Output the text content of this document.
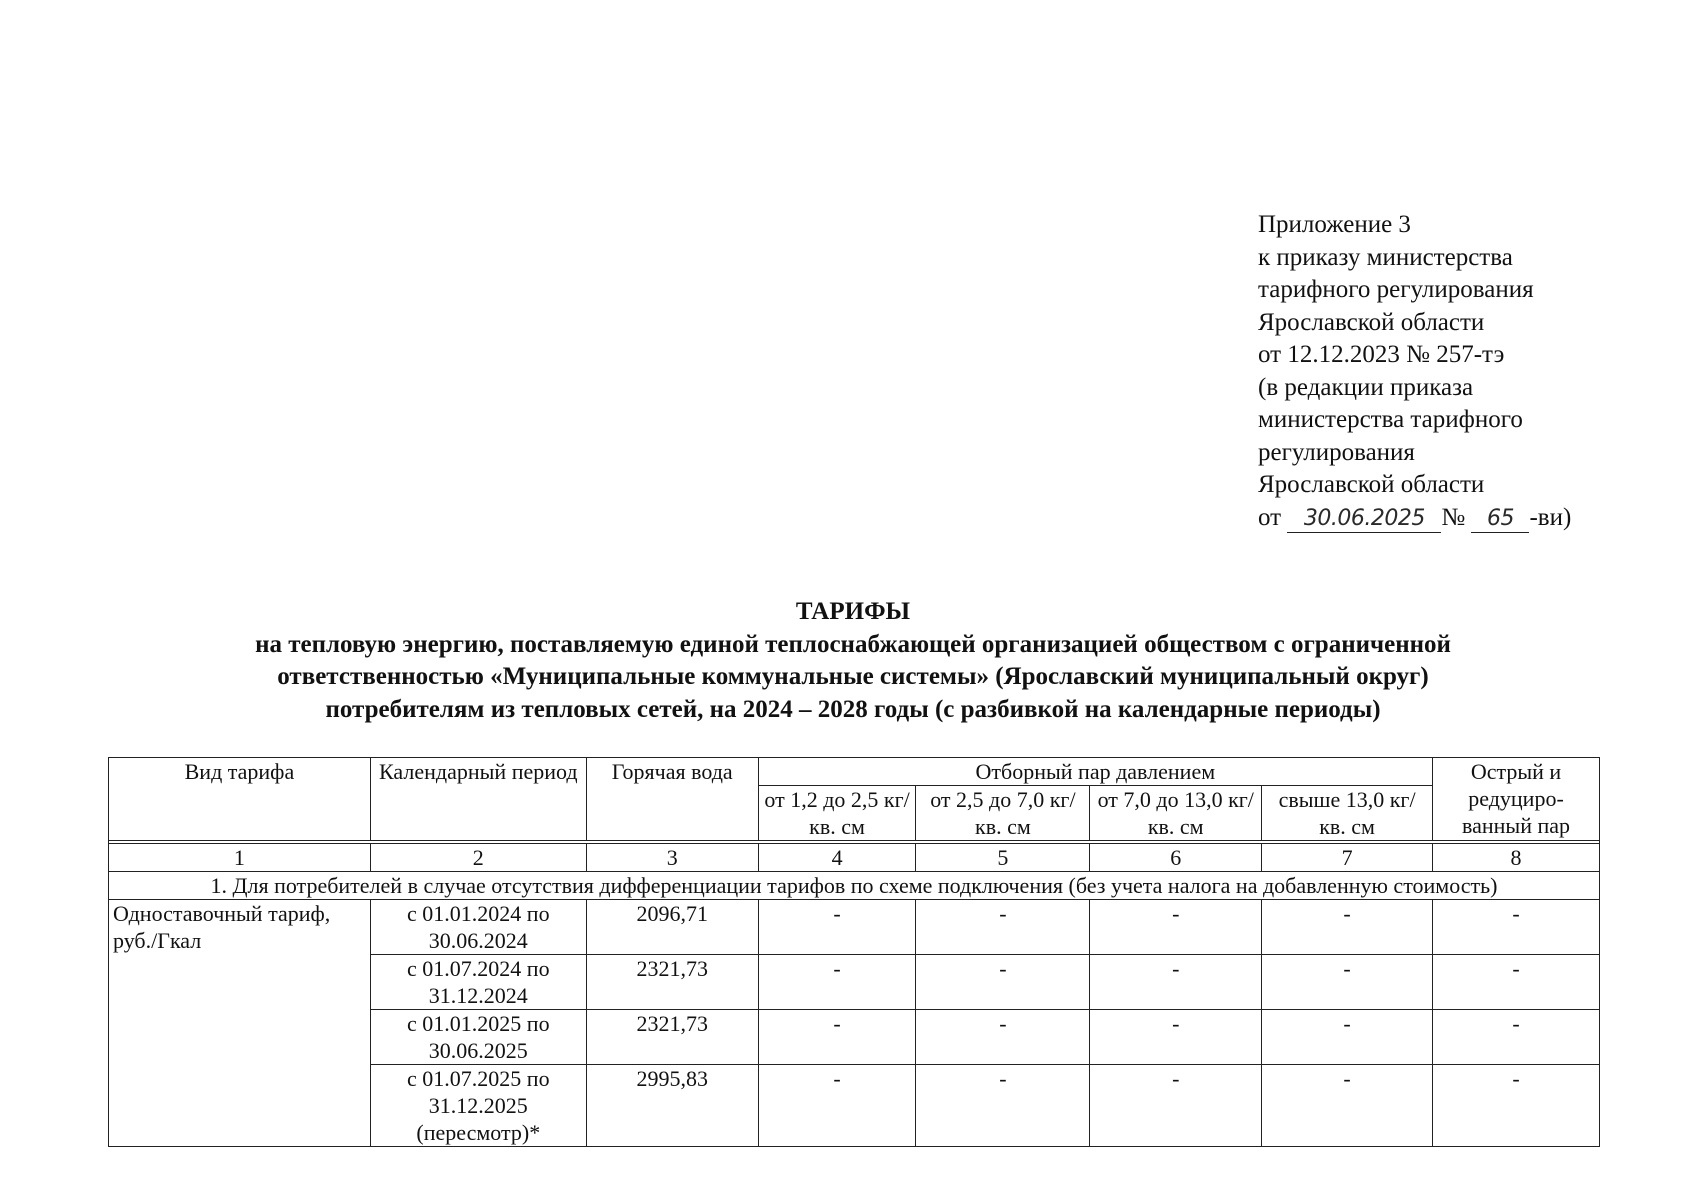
Приложение 3
к приказу министерства
тарифного регулирования
Ярославской области
от 12.12.2023 № 257-тэ
(в редакции приказа
министерства тарифного
регулирования
Ярославской области
от 30.06.2025 № 65 -ви)
ТАРИФЫ
на тепловую энергию, поставляемую единой теплоснабжающей организацией обществом с ограниченной
ответственностью «Муниципальные коммунальные системы» (Ярославский муниципальный округ)
потребителям из тепловых сетей, на 2024 – 2028 годы (с разбивкой на календарные периоды)
Вид тарифа	Календарный период	Горячая вода	Отборный пар давлением				Острый и редуциро-ванный пар
			от 1,2 до 2,5 кг/ кв. см	от 2,5 до 7,0 кг/ кв. см	от 7,0 до 13,0 кг/ кв. см	свыше 13,0 кг/ кв. см	

1	2	3	4	5	6	7	8
1. Для потребителей в случае отсутствия дифференциации тарифов по схеме подключения (без учета налога на добавленную стоимость)							
Одноставочный тариф, руб./Гкал	с 01.01.2024 по 30.06.2024	2096,71	-	-	-	-	-
	с 01.07.2024 по 31.12.2024	2321,73	-	-	-	-	-
	с 01.01.2025 по 30.06.2025	2321,73	-	-	-	-	-
	с 01.07.2025 по 31.12.2025 (пересмотр)*	2995,83	-	-	-	-	-
